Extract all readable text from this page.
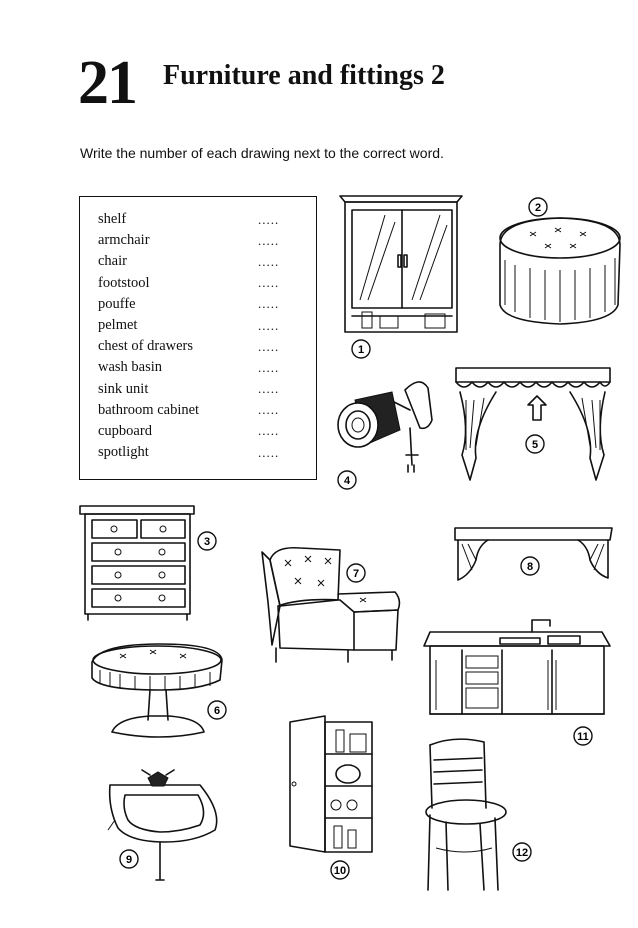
21 Furniture and fittings 2
Write the number of each drawing next to the correct word.
shelf	.....
armchair	.....
chair	.....
footstool	.....
pouffe	.....
pelmet	.....
chest of drawers	.....
wash basin	.....
sink unit	.....
bathroom cabinet	.....
cupboard	.....
spotlight	.....
1
2
3
4
5
6
7
8
9
10
11
12
